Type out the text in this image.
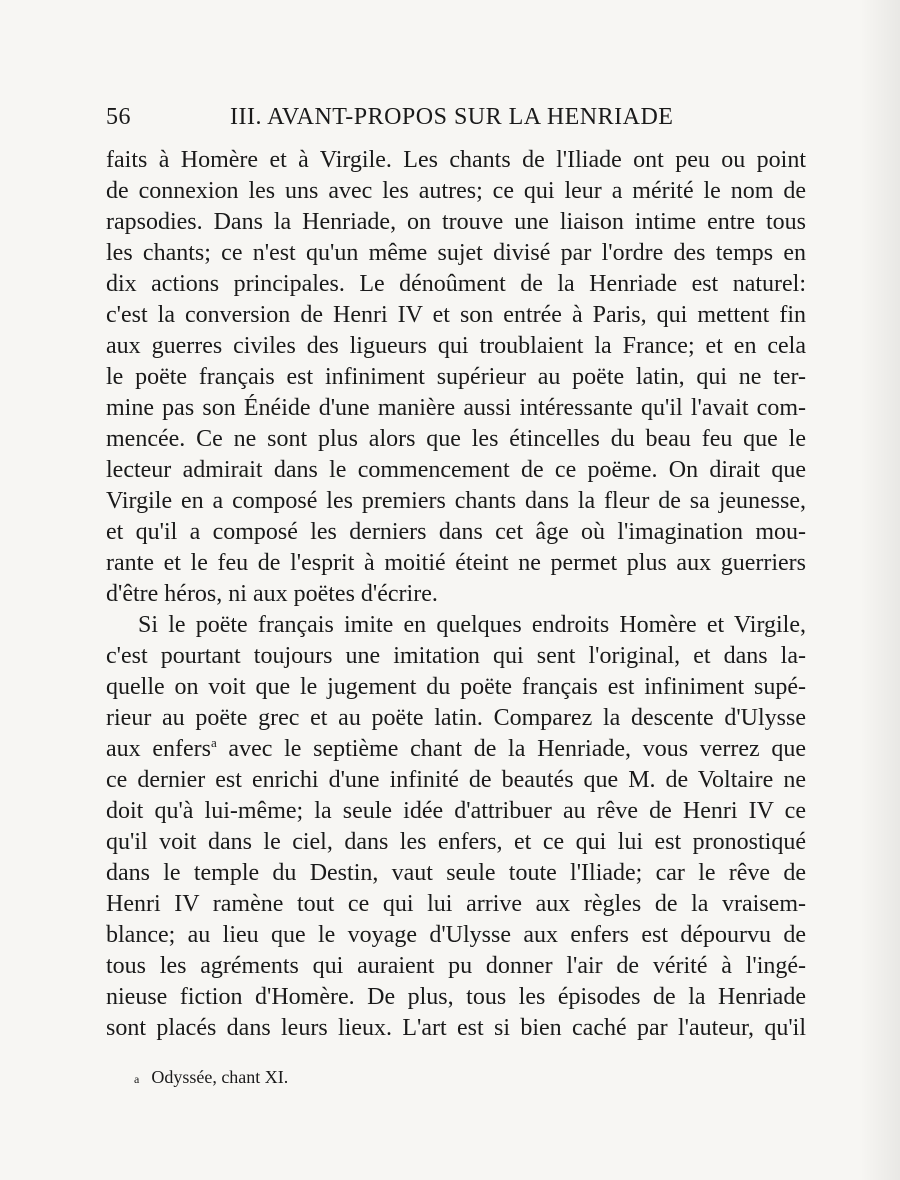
56	III. AVANT-PROPOS SUR LA HENRIADE

faits à Homère et à Virgile. Les chants de l'Iliade ont peu ou point
de connexion les uns avec les autres; ce qui leur a mérité le nom de
rapsodies. Dans la Henriade, on trouve une liaison intime entre tous
les chants; ce n'est qu'un même sujet divisé par l'ordre des temps en
dix actions principales. Le dénoûment de la Henriade est naturel:
c'est la conversion de Henri IV et son entrée à Paris, qui mettent fin
aux guerres civiles des ligueurs qui troublaient la France; et en cela
le poëte français est infiniment supérieur au poëte latin, qui ne ter-
mine pas son Énéide d'une manière aussi intéressante qu'il l'avait com-
mencée. Ce ne sont plus alors que les étincelles du beau feu que le
lecteur admirait dans le commencement de ce poëme. On dirait que
Virgile en a composé les premiers chants dans la fleur de sa jeunesse,
et qu'il a composé les derniers dans cet âge où l'imagination mou-
rante et le feu de l'esprit à moitié éteint ne permet plus aux guerriers
d'être héros, ni aux poëtes d'écrire.

Si le poëte français imite en quelques endroits Homère et Virgile,
c'est pourtant toujours une imitation qui sent l'original, et dans la-
quelle on voit que le jugement du poëte français est infiniment supé-
rieur au poëte grec et au poëte latin. Comparez la descente d'Ulysse
aux enfers$^a$ avec le septième chant de la Henriade, vous verrez que
ce dernier est enrichi d'une infinité de beautés que M. de Voltaire ne
doit qu'à lui-même; la seule idée d'attribuer au rêve de Henri IV ce
qu'il voit dans le ciel, dans les enfers, et ce qui lui est pronostiqué
dans le temple du Destin, vaut seule toute l'Iliade; car le rêve de
Henri IV ramène tout ce qui lui arrive aux règles de la vraisem-
blance; au lieu que le voyage d'Ulysse aux enfers est dépourvu de
tous les agréments qui auraient pu donner l'air de vérité à l'ingé-
nieuse fiction d'Homère. De plus, tous les épisodes de la Henriade
sont placés dans leurs lieux. L'art est si bien caché par l'auteur, qu'il

a Odyssée, chant XI.
